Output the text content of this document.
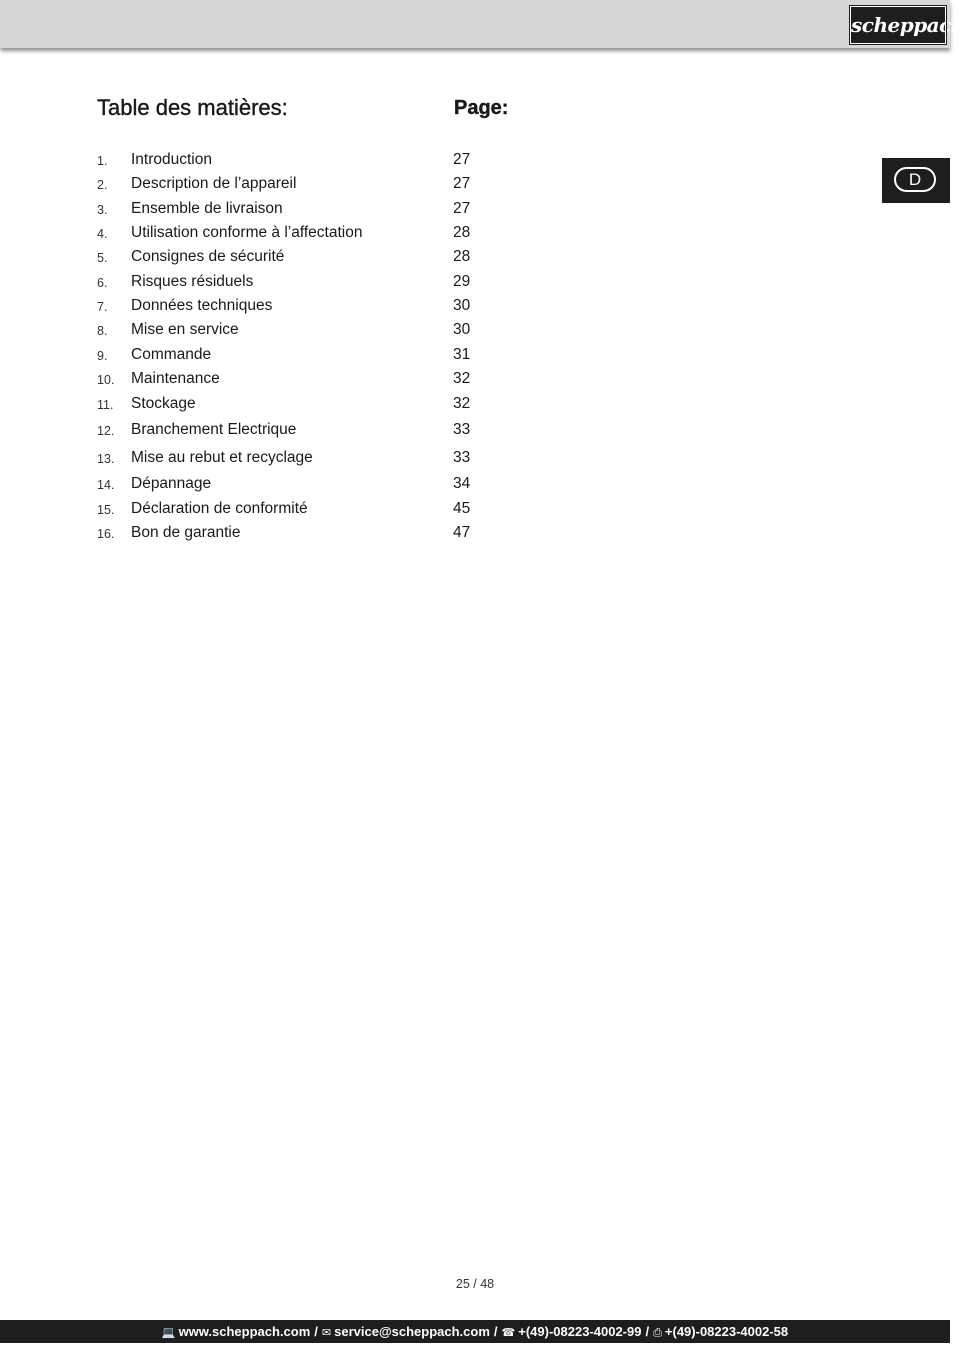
scheppach
D
Table des matières:	Page:
1. Introduction	27
2. Description de l’appareil	27
3. Ensemble de livraison	27
4. Utilisation conforme à l’affectation	28
5. Consignes de sécurité	28
6. Risques résiduels	29
7. Données techniques	30
8. Mise en service	30
9. Commande	31
10. Maintenance	32
11. Stockage	32
12. Branchement Electrique	33
13. Mise au rebut et recyclage	33
14. Dépannage	34
15. Déclaration de conformité	45
16. Bon de garantie	47
25 / 48
💻 www.scheppach.com / ✉ service@scheppach.com / ☎ +(49)-08223-4002-99 / ⎙ +(49)-08223-4002-58
